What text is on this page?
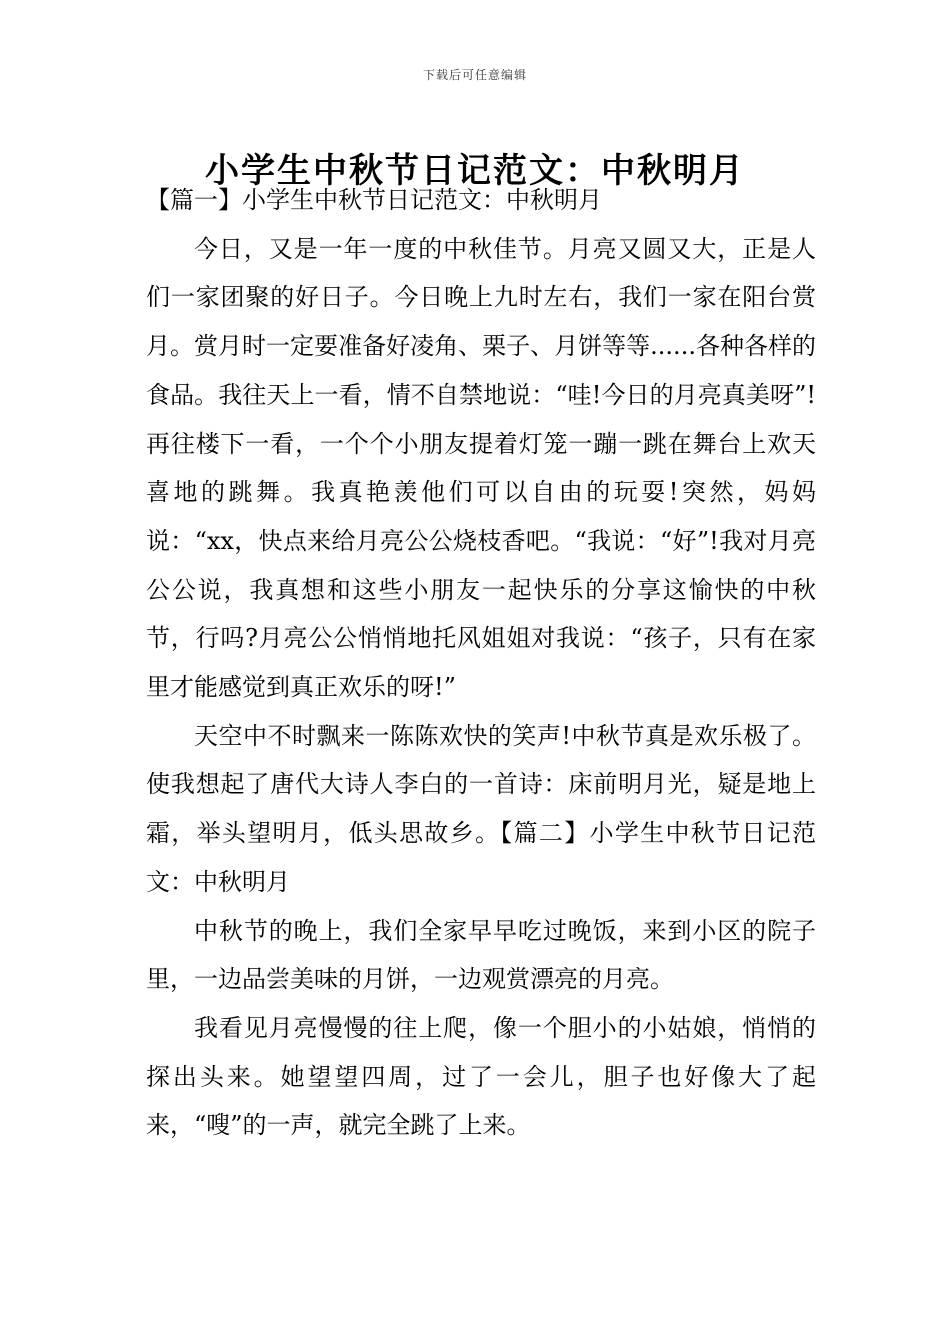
下载后可任意编辑
小学生中秋节日记范文：中秋明月

【篇一】小学生中秋节日记范文：中秋明月

今日，又是一年一度的中秋佳节。月亮又圆又大，正是人们一家团聚的好日子。今日晚上九时左右，我们一家在阳台赏月。赏月时一定要准备好凌角、栗子、月饼等等......各种各样的食品。我往天上一看，情不自禁地说：“哇!今日的月亮真美呀”!再往楼下一看，一个个小朋友提着灯笼一蹦一跳在舞台上欢天喜地的跳舞。我真艳羡他们可以自由的玩耍!突然，妈妈说：“xx，快点来给月亮公公烧枝香吧。“我说：“好”!我对月亮公公说，我真想和这些小朋友一起快乐的分享这愉快的中秋节，行吗?月亮公公悄悄地托风姐姐对我说：“孩子，只有在家里才能感觉到真正欢乐的呀!”

天空中不时飘来一陈陈欢快的笑声!中秋节真是欢乐极了。使我想起了唐代大诗人李白的一首诗：床前明月光，疑是地上霜，举头望明月，低头思故乡。【篇二】小学生中秋节日记范文：中秋明月

中秋节的晚上，我们全家早早吃过晚饭，来到小区的院子里，一边品尝美味的月饼，一边观赏漂亮的月亮。

我看见月亮慢慢的往上爬，像一个胆小的小姑娘，悄悄的探出头来。她望望四周，过了一会儿，胆子也好像大了起来，“嗖”的一声，就完全跳了上来。
